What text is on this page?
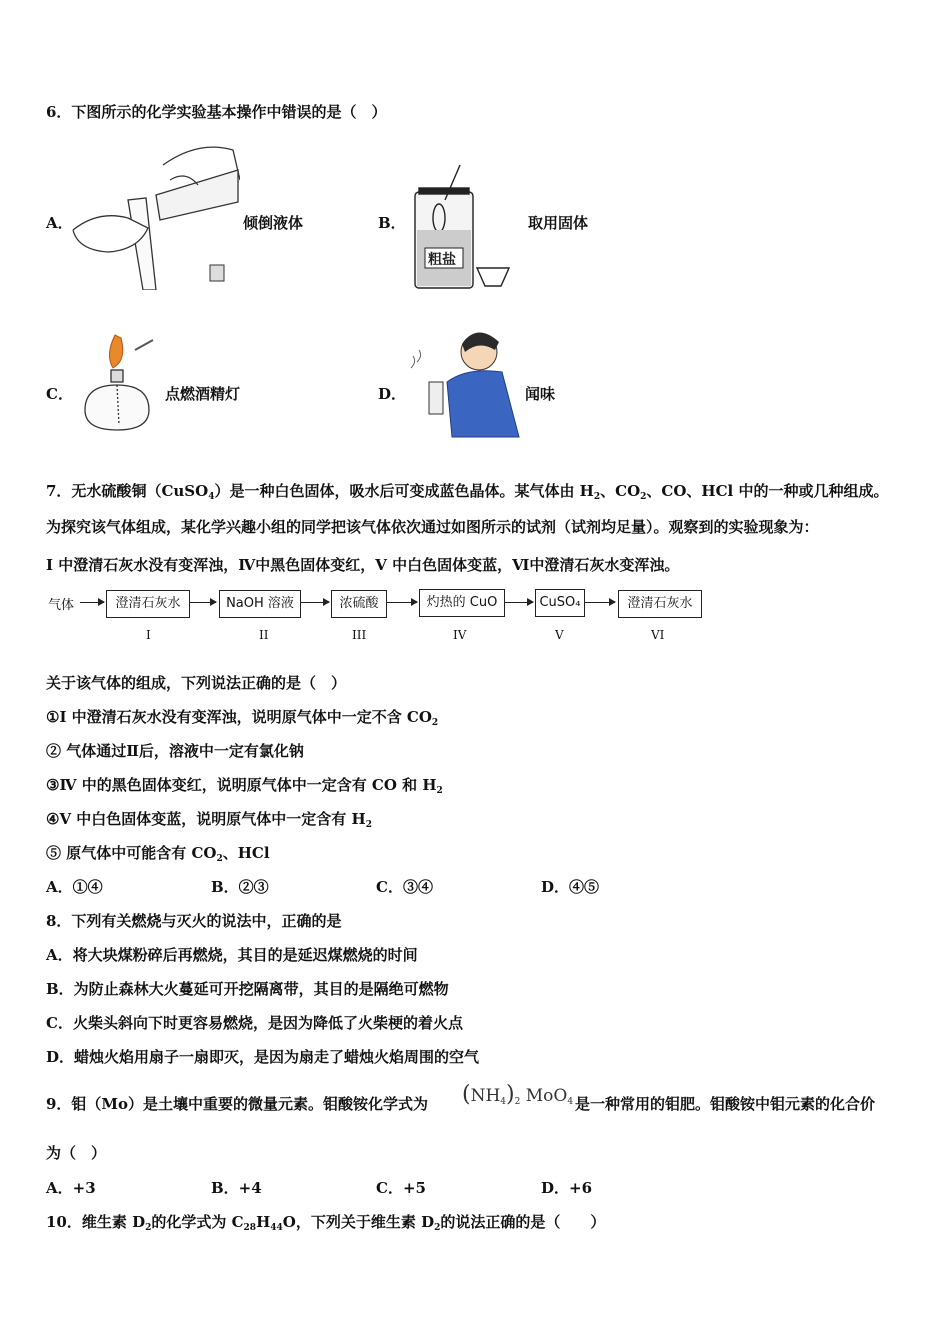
6．下图所示的化学实验基本操作中错误的是（　）
A．	倾倒液体	B．
粗盐
取用固体
C．	点燃酒精灯	D．	闻味
7．无水硫酸铜（CuSO$_4$）是一种白色固体，吸水后可变成蓝色晶体。某气体由 $H_2$、$CO_2$、CO、HCl 中的一种或几种组成。
为探究该气体组成，某化学兴趣小组的同学把该气体依次通过如图所示的试剂（试剂均足量）。观察到的实验现象为：
I 中澄清石灰水没有变浑浊，Ⅳ中黑色固体变红，V 中白色固体变蓝，Ⅵ中澄清石灰水变浑浊。
气体	澄清石灰水	NaOH 溶液	浓硫酸	灼热的 CuO	CuSO₄	澄清石灰水
I	II	III	IV	V	VI
关于该气体的组成，下列说法正确的是（　）
①I 中澄清石灰水没有变浑浊，说明原气体中一定不含 $CO_2$
② 气体通过Ⅱ后，溶液中一定有氯化钠
③Ⅳ 中的黑色固体变红，说明原气体中一定含有 CO 和 $H_2$
④V 中白色固体变蓝，说明原气体中一定含有 $H_2$
⑤ 原气体中可能含有 $CO_2$、HCl
A．①④	B．②③	C．③④	D．④⑤
8．下列有关燃烧与灭火的说法中，正确的是
A．将大块煤粉碎后再燃烧，其目的是延迟煤燃烧的时间
B．为防止森林大火蔓延可开挖隔离带，其目的是隔绝可燃物
C．火柴头斜向下时更容易燃烧，是因为降低了火柴梗的着火点
D．蜡烛火焰用扇子一扇即灭，是因为扇走了蜡烛火焰周围的空气
9．钼（Mo）是土壤中重要的微量元素。钼酸铵化学式为 $(NH_4)_2$ MoO$_4$ 是一种常用的钼肥。钼酸铵中钼元素的化合价
为（　）
A．+3	B．+4	C．+5	D．+6
10．维生素 $D_2$的化学式为 $C_{28}H_{44}O$，下列关于维生素 $D_2$的说法正确的是（　　）
